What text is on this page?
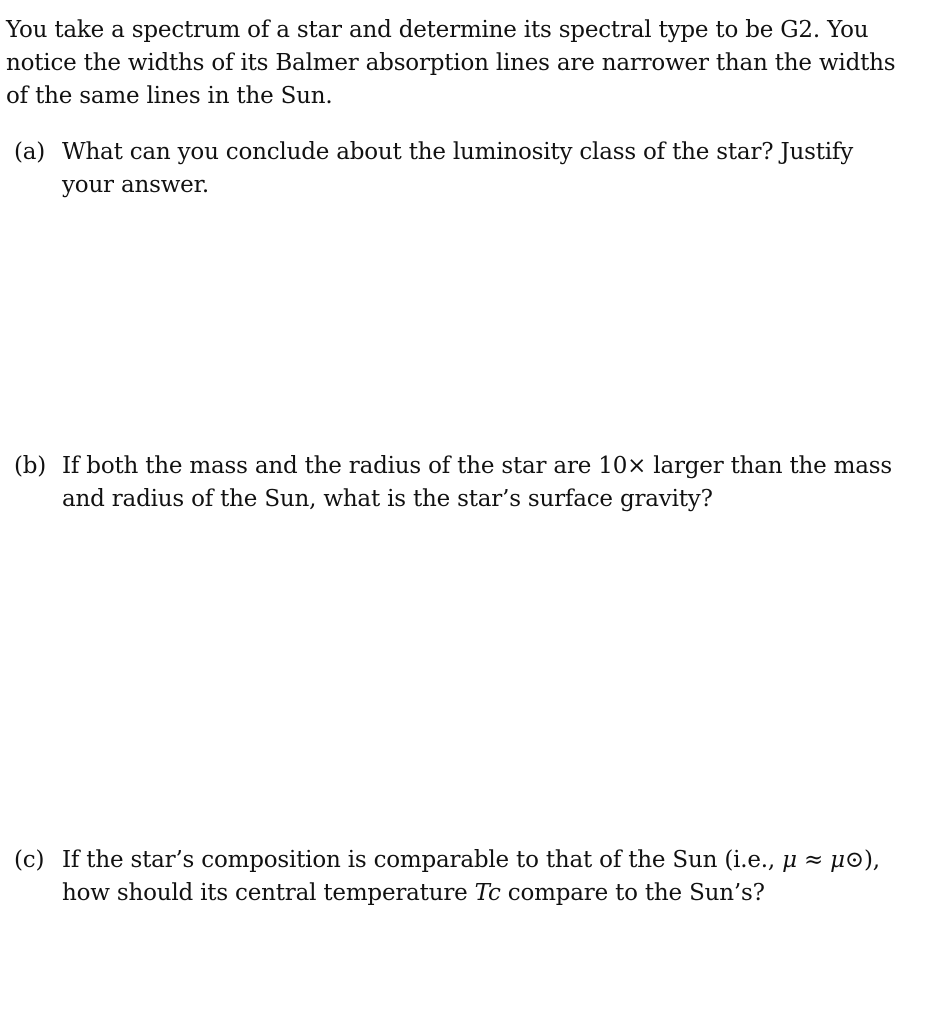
You take a spectrum of a star and determine its spectral type to be G2. You notice the widths of its Balmer absorption lines are narrower than the widths of the same lines in the Sun.
(a) What can you conclude about the luminosity class of the star? Justify your answer.
(b) If both the mass and the radius of the star are 10× larger than the mass and radius of the Sun, what is the star’s surface gravity?
(c) If the star’s composition is comparable to that of the Sun (i.e., μ ≈ μ⊙), how should its central temperature Tc compare to the Sun’s?
